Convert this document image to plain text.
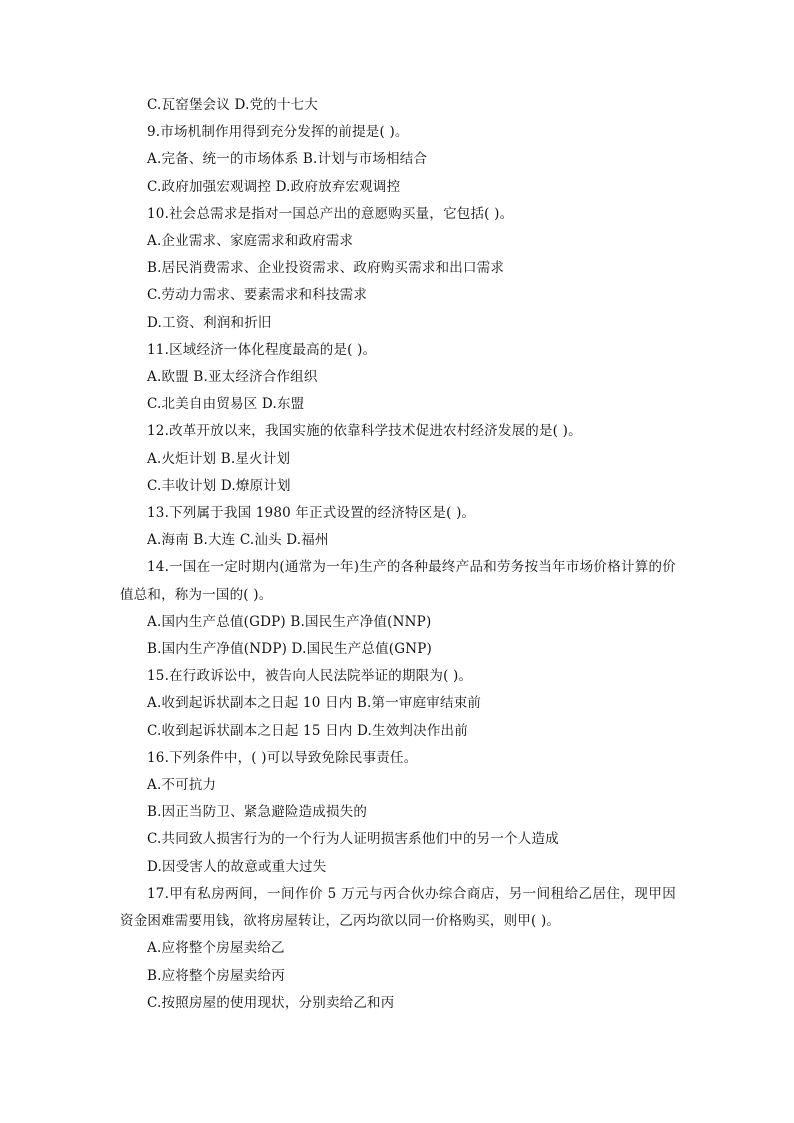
C.瓦窑堡会议 D.党的十七大
9.市场机制作用得到充分发挥的前提是( )。
A.完备、统一的市场体系 B.计划与市场相结合
C.政府加强宏观调控 D.政府放弃宏观调控
10.社会总需求是指对一国总产出的意愿购买量，它包括( )。
A.企业需求、家庭需求和政府需求
B.居民消费需求、企业投资需求、政府购买需求和出口需求
C.劳动力需求、要素需求和科技需求
D.工资、利润和折旧
11.区域经济一体化程度最高的是( )。
A.欧盟 B.亚太经济合作组织
C.北美自由贸易区 D.东盟
12.改革开放以来，我国实施的依靠科学技术促进农村经济发展的是( )。
A.火炬计划 B.星火计划
C.丰收计划 D.燎原计划
13.下列属于我国 1980 年正式设置的经济特区是( )。
A.海南 B.大连 C.汕头 D.福州
14.一国在一定时期内(通常为一年)生产的各种最终产品和劳务按当年市场价格计算的价值总和，称为一国的( )。
A.国内生产总值(GDP) B.国民生产净值(NNP)
B.国内生产净值(NDP) D.国民生产总值(GNP)
15.在行政诉讼中，被告向人民法院举证的期限为( )。
A.收到起诉状副本之日起 10 日内 B.第一审庭审结束前
C.收到起诉状副本之日起 15 日内 D.生效判决作出前
16.下列条件中，( )可以导致免除民事责任。
A.不可抗力
B.因正当防卫、紧急避险造成损失的
C.共同致人损害行为的一个行为人证明损害系他们中的另一个人造成
D.因受害人的故意或重大过失
17.甲有私房两间，一间作价 5 万元与丙合伙办综合商店，另一间租给乙居住，现甲因资金困难需要用钱，欲将房屋转让，乙丙均欲以同一价格购买，则甲( )。
A.应将整个房屋卖给乙
B.应将整个房屋卖给丙
C.按照房屋的使用现状，分别卖给乙和丙
